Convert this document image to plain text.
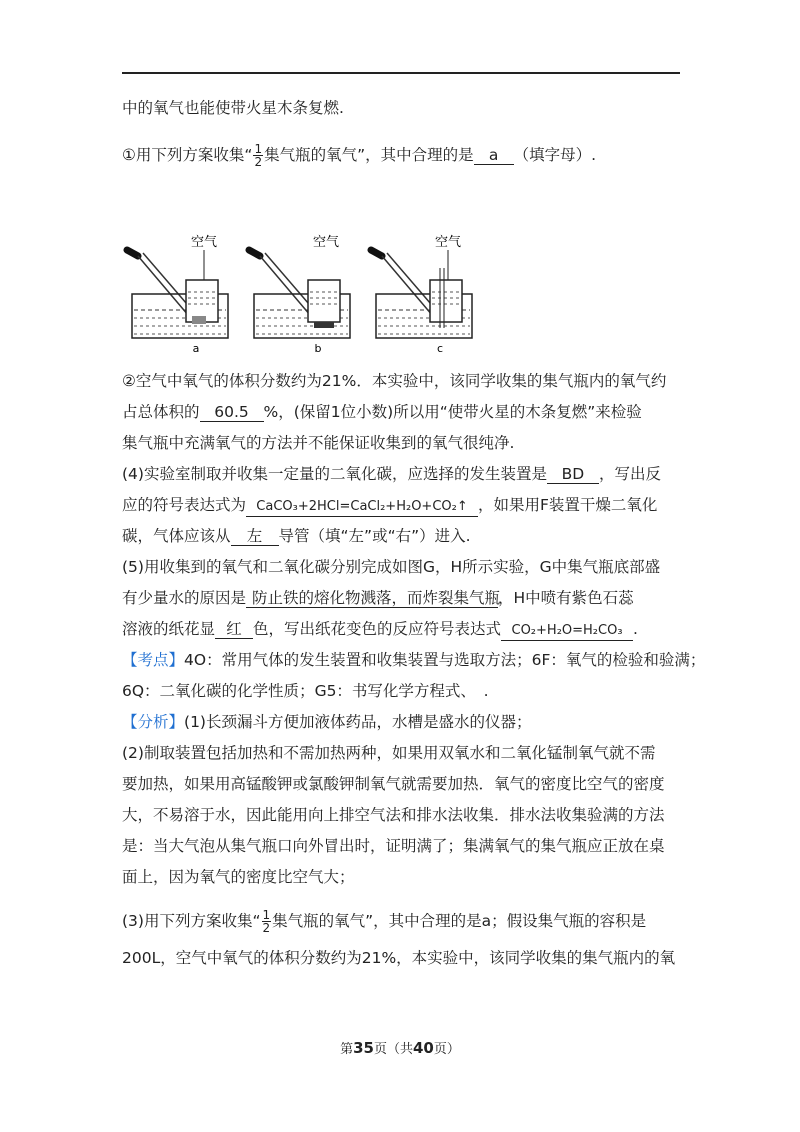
中的氧气也能使带火星木条复燃.
①用下列方案收集“ $\frac{1}{2}$ 集气瓶的氧气”，其中合理的是 a （填字母）.
空气
a
空气
b
空气
c
②空气中氧气的体积分数约为21%．本实验中，该同学收集的集气瓶内的氧气约
占总体积的 60.5 %，(保留1位小数)所以用“使带火星的木条复燃”来检验
集气瓶中充满氧气的方法并不能保证收集到的氧气很纯净.
(4)实验室制取并收集一定量的二氧化碳，应选择的发生装置是 BD ，写出反
应的符号表达式为 CaCO₃+2HCl=CaCl₂+H₂O+CO₂↑ ，如果用F装置干燥二氧化
碳，气体应该从 左 导管（填“左”或“右”）进入.
(5)用收集到的氧气和二氧化碳分别完成如图G，H所示实验，G中集气瓶底部盛
有少量水的原因是 防止铁的熔化物溅落，而炸裂集气瓶，H中喷有紫色石蕊
溶液的纸花显 红 色，写出纸花变色的反应符号表达式 CO₂+H₂O=H₂CO₃ .
【考点】4O：常用气体的发生装置和收集装置与选取方法；6F：氧气的检验和验满；
6Q：二氧化碳的化学性质；G5：书写化学方程式、　.
【分析】(1)长颈漏斗方便加液体药品，水槽是盛水的仪器；
(2)制取装置包括加热和不需加热两种，如果用双氧水和二氧化锰制氧气就不需
要加热，如果用高锰酸钾或氯酸钾制氧气就需要加热．氧气的密度比空气的密度
大，不易溶于水，因此能用向上排空气法和排水法收集．排水法收集验满的方法
是：当大气泡从集气瓶口向外冒出时，证明满了；集满氧气的集气瓶应正放在桌
面上，因为氧气的密度比空气大；
(3)用下列方案收集“ $\frac{1}{2}$ 集气瓶的氧气”，其中合理的是a；假设集气瓶的容积是
200L，空气中氧气的体积分数约为21%，本实验中，该同学收集的集气瓶内的氧
第35页（共40页）
